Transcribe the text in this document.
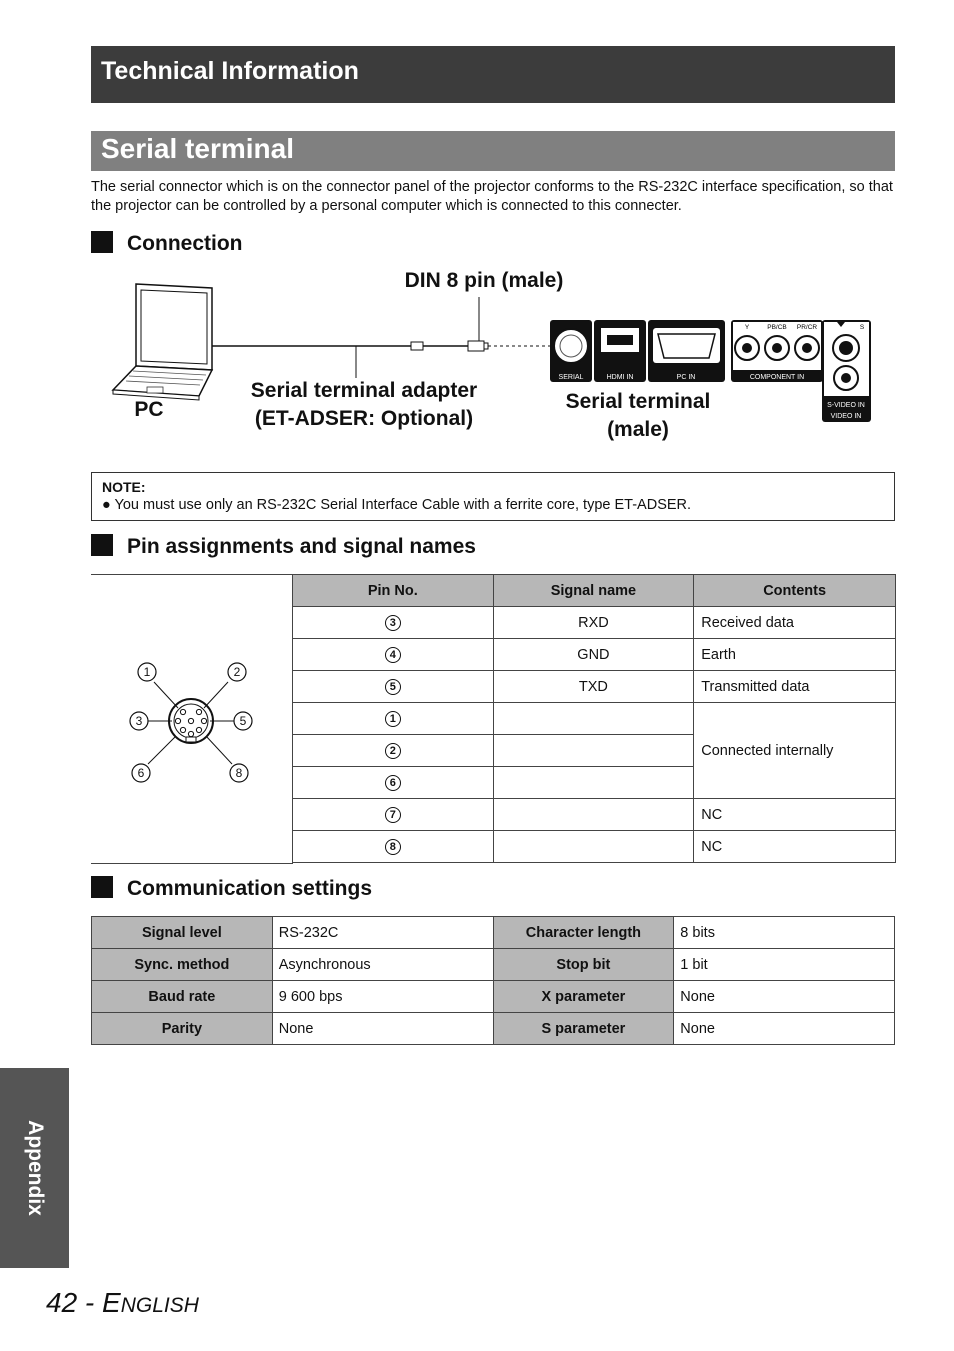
Technical Information
Serial terminal
The serial connector which is on the connector panel of the projector conforms to the RS-232C interface specification, so that the projector can be controlled by a personal computer which is connected to this connecter.
Connection
SERIAL	HDMI IN	PC IN
Y	PB/CB PR/CR
COMPONENT IN
S
S-VIDEO IN
VIDEO IN
DIN 8 pin (male)
PC
Serial terminal adapter
(ET-ADSER: Optional)
Serial terminal
(male)
NOTE:
● You must use only an RS-232C Serial Interface Cable with a ferrite core, type ET-ADSER.
Pin assignments and signal names
1	2
3	5
6	8
Pin No.	Signal name	Contents
3	RXD	Received data
4	GND	Earth
5	TXD	Transmitted data
1		Connected internally
2		
6		
7		NC
8		NC
Communication settings
Signal level	RS-232C	Character length	8 bits
Sync. method	Asynchronous	Stop bit	1 bit
Baud rate	9 600 bps	X parameter	None
Parity	None	S parameter	None
Appendix
42 - ENGLISH
